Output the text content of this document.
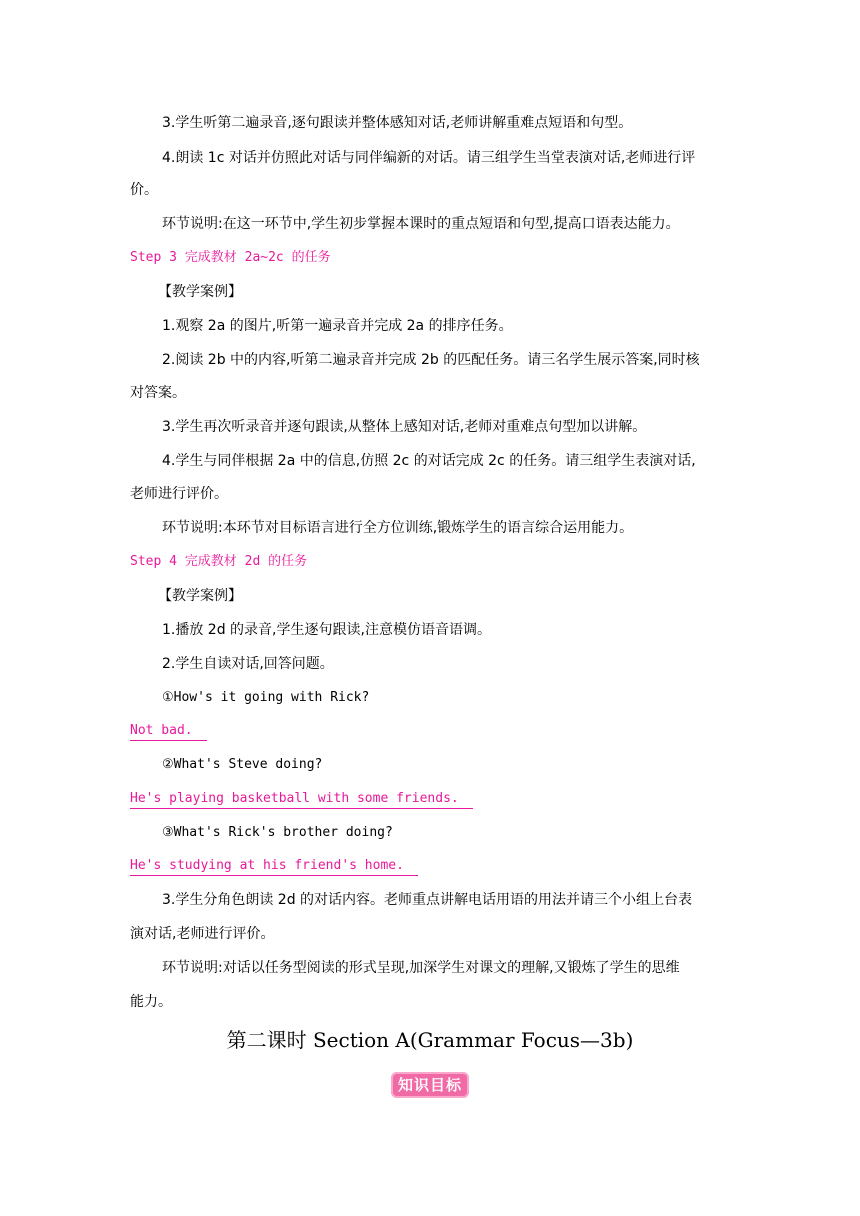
3.学生听第二遍录音,逐句跟读并整体感知对话,老师讲解重难点短语和句型。
4.朗读 1c 对话并仿照此对话与同伴编新的对话。请三组学生当堂表演对话,老师进行评
价。
环节说明:在这一环节中,学生初步掌握本课时的重点短语和句型,提高口语表达能力。
Step 3 完成教材 2a~2c 的任务
【教学案例】
1.观察 2a 的图片,听第一遍录音并完成 2a 的排序任务。
2.阅读 2b 中的内容,听第二遍录音并完成 2b 的匹配任务。请三名学生展示答案,同时核
对答案。
3.学生再次听录音并逐句跟读,从整体上感知对话,老师对重难点句型加以讲解。
4.学生与同伴根据 2a 中的信息,仿照 2c 的对话完成 2c 的任务。请三组学生表演对话,
老师进行评价。
环节说明:本环节对目标语言进行全方位训练,锻炼学生的语言综合运用能力。
Step 4 完成教材 2d 的任务
【教学案例】
1.播放 2d 的录音,学生逐句跟读,注意模仿语音语调。
2.学生自读对话,回答问题。
①How's it going with Rick?
Not bad.
②What's Steve doing?
He's playing basketball with some friends.
③What's Rick's brother doing?
He's studying at his friend's home.
3.学生分角色朗读 2d 的对话内容。老师重点讲解电话用语的用法并请三个小组上台表
演对话,老师进行评价。
环节说明:对话以任务型阅读的形式呈现,加深学生对课文的理解,又锻炼了学生的思维
能力。
第二课时 Section A(Grammar Focus—3b)
知识目标
